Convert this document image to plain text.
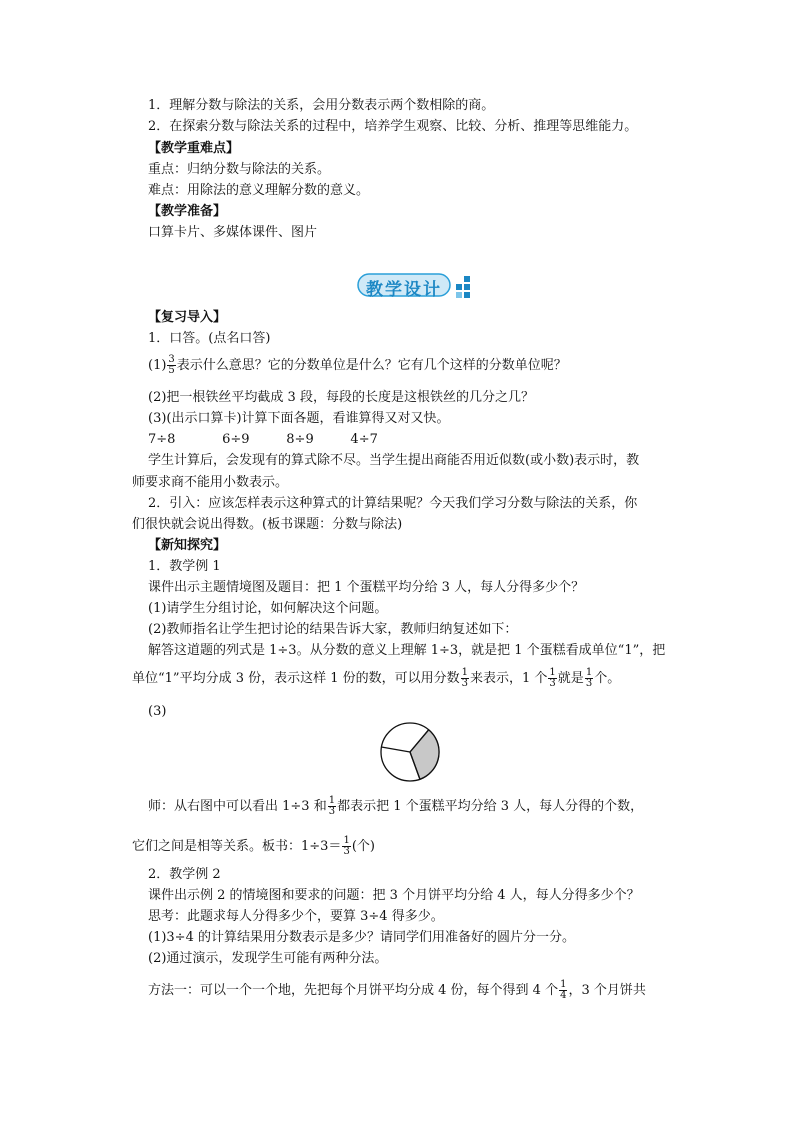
1．理解分数与除法的关系，会用分数表示两个数相除的商。
2．在探索分数与除法关系的过程中，培养学生观察、比较、分析、推理等思维能力。
【教学重难点】
重点：归纳分数与除法的关系。
难点：用除法的意义理解分数的意义。
【教学准备】
口算卡片、多媒体课件、图片
教学设计
【复习导入】
1．口答。(点名口答)
$(1) \frac{3}{5}$ 表示什么意思？它的分数单位是什么？它有几个这样的分数单位呢？
(2)把一根铁丝平均截成 3 段，每段的长度是这根铁丝的几分之几？
(3)(出示口算卡)计算下面各题，看谁算得又对又快。
7÷8	6÷9	8÷9	4÷7
学生计算后，会发现有的算式除不尽。当学生提出商能否用近似数(或小数)表示时，教
师要求商不能用小数表示。
2．引入：应该怎样表示这种算式的计算结果呢？今天我们学习分数与除法的关系，你
们很快就会说出得数。(板书课题：分数与除法)
【新知探究】
1．教学例 1
课件出示主题情境图及题目：把 1 个蛋糕平均分给 3 人，每人分得多少个？
(1)请学生分组讨论，如何解决这个问题。
(2)教师指名让学生把讨论的结果告诉大家，教师归纳复述如下：
解答这道题的列式是 1÷3。从分数的意义上理解 1÷3，就是把 1 个蛋糕看成单位“1”，把
单位“1”平均分成 3 份，表示这样 1 份的数，可以用分数 $\frac{1}{3}$ 来表示，1 个 $\frac{1}{3}$ 就是 $\frac{1}{3}$ 个。
(3)
师：从右图中可以看出 1÷3 和 $\frac{1}{3}$ 都表示把 1 个蛋糕平均分给 3 人，每人分得的个数，
它们之间是相等关系。板书：$1\div 3= \frac{1}{3}$ (个)
2．教学例 2
课件出示例 2 的情境图和要求的问题：把 3 个月饼平均分给 4 人，每人分得多少个？
思考：此题求每人分得多少个，要算 3÷4 得多少。
(1)3÷4 的计算结果用分数表示是多少？请同学们用准备好的圆片分一分。
(2)通过演示，发现学生可能有两种分法。
方法一：可以一个一个地，先把每个月饼平均分成 4 份，每个得到 4 个 $\frac{1}{4}$ ，3 个月饼共
